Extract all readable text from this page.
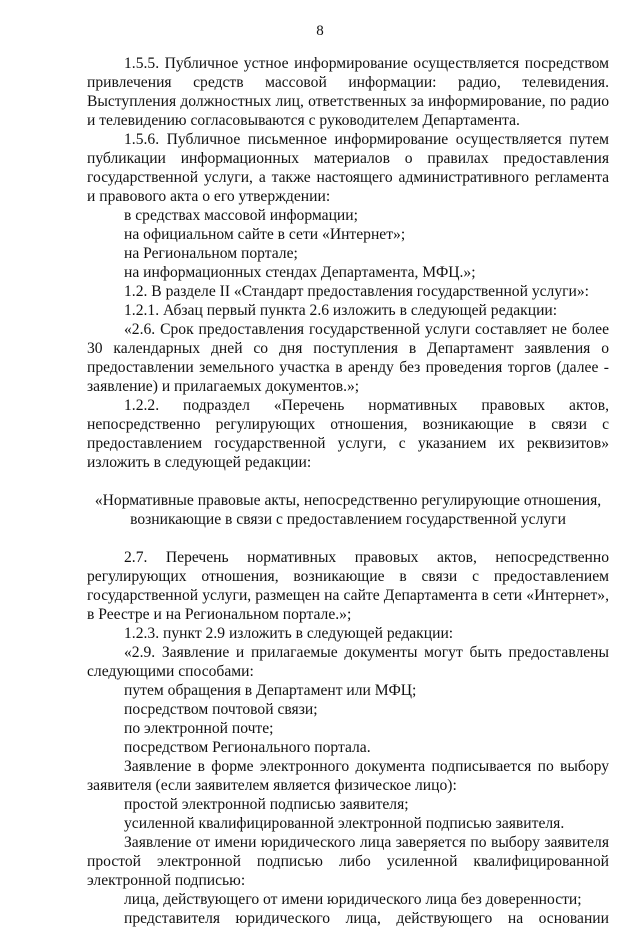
8

1.5.5. Публичное устное информирование осуществляется посредством привлечения средств массовой информации: радио, телевидения. Выступления должностных лиц, ответственных за информирование, по радио и телевидению согласовываются с руководителем Департамента.

1.5.6. Публичное письменное информирование осуществляется путем публикации информационных материалов о правилах предоставления государственной услуги, а также настоящего административного регламента и правового акта о его утверждении:

в средствах массовой информации;

на официальном сайте в сети «Интернет»;

на Региональном портале;

на информационных стендах Департамента, МФЦ.»;

1.2. В разделе II «Стандарт предоставления государственной услуги»:

1.2.1. Абзац первый пункта 2.6 изложить в следующей редакции:

«2.6. Срок предоставления государственной услуги составляет не более 30 календарных дней со дня поступления в Департамент заявления о предоставлении земельного участка в аренду без проведения торгов (далее - заявление) и прилагаемых документов.»;

1.2.2. подраздел «Перечень нормативных правовых актов, непосредственно регулирующих отношения, возникающие в связи с предоставлением государственной услуги, с указанием их реквизитов» изложить в следующей редакции:

«Нормативные правовые акты, непосредственно регулирующие отношения, возникающие в связи с предоставлением государственной услуги

2.7. Перечень нормативных правовых актов, непосредственно регулирующих отношения, возникающие в связи с предоставлением государственной услуги, размещен на сайте Департамента в сети «Интернет», в Реестре и на Региональном портале.»;

1.2.3. пункт 2.9 изложить в следующей редакции:

«2.9. Заявление и прилагаемые документы могут быть предоставлены следующими способами:

путем обращения в Департамент или МФЦ;

посредством почтовой связи;

по электронной почте;

посредством Регионального портала.

Заявление в форме электронного документа подписывается по выбору заявителя (если заявителем является физическое лицо):

простой электронной подписью заявителя;

усиленной квалифицированной электронной подписью заявителя.

Заявление от имени юридического лица заверяется по выбору заявителя простой электронной подписью либо усиленной квалифицированной электронной подписью:

лица, действующего от имени юридического лица без доверенности;

представителя юридического лица, действующего на основании
